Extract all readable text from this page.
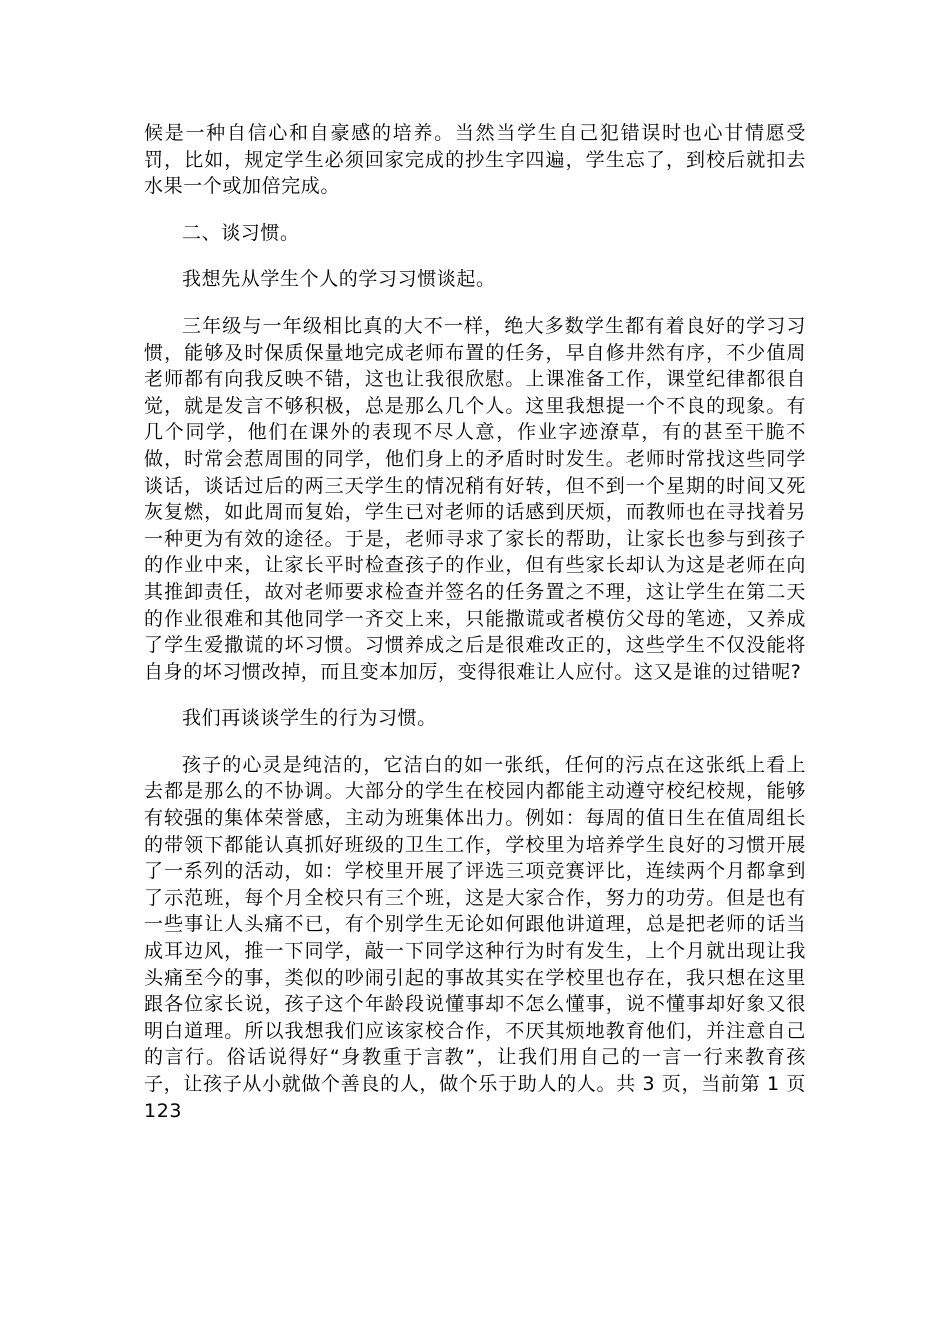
候是一种自信心和自豪感的培养。当然当学生自己犯错误时也心甘情愿受罚，比如，规定学生必须回家完成的抄生字四遍，学生忘了，到校后就扣去水果一个或加倍完成。

二、谈习惯。

我想先从学生个人的学习习惯谈起。

三年级与一年级相比真的大不一样，绝大多数学生都有着良好的学习习惯，能够及时保质保量地完成老师布置的任务，早自修井然有序，不少值周老师都有向我反映不错，这也让我很欣慰。上课准备工作，课堂纪律都很自觉，就是发言不够积极，总是那么几个人。这里我想提一个不良的现象。有几个同学，他们在课外的表现不尽人意，作业字迹潦草，有的甚至干脆不做，时常会惹周围的同学，他们身上的矛盾时时发生。老师时常找这些同学谈话，谈话过后的两三天学生的情况稍有好转，但不到一个星期的时间又死灰复燃，如此周而复始，学生已对老师的话感到厌烦，而教师也在寻找着另一种更为有效的途径。于是，老师寻求了家长的帮助，让家长也参与到孩子的作业中来，让家长平时检查孩子的作业，但有些家长却认为这是老师在向其推卸责任，故对老师要求检查并签名的任务置之不理，这让学生在第二天的作业很难和其他同学一齐交上来，只能撒谎或者模仿父母的笔迹，又养成了学生爱撒谎的坏习惯。习惯养成之后是很难改正的，这些学生不仅没能将自身的坏习惯改掉，而且变本加厉，变得很难让人应付。这又是谁的过错呢?

我们再谈谈学生的行为习惯。

孩子的心灵是纯洁的，它洁白的如一张纸，任何的污点在这张纸上看上去都是那么的不协调。大部分的学生在校园内都能主动遵守校纪校规，能够有较强的集体荣誉感，主动为班集体出力。例如：每周的值日生在值周组长的带领下都能认真抓好班级的卫生工作，学校里为培养学生良好的习惯开展了一系列的活动，如：学校里开展了评选三项竞赛评比，连续两个月都拿到了示范班，每个月全校只有三个班，这是大家合作，努力的功劳。但是也有一些事让人头痛不已，有个别学生无论如何跟他讲道理，总是把老师的话当成耳边风，推一下同学，敲一下同学这种行为时有发生，上个月就出现让我头痛至今的事，类似的吵闹引起的事故其实在学校里也存在，我只想在这里跟各位家长说，孩子这个年龄段说懂事却不怎么懂事，说不懂事却好象又很明白道理。所以我想我们应该家校合作，不厌其烦地教育他们，并注意自己的言行。俗话说得好“身教重于言教”，让我们用自己的一言一行来教育孩子，让孩子从小就做个善良的人，做个乐于助人的人。共 3 页，当前第 1 页123
